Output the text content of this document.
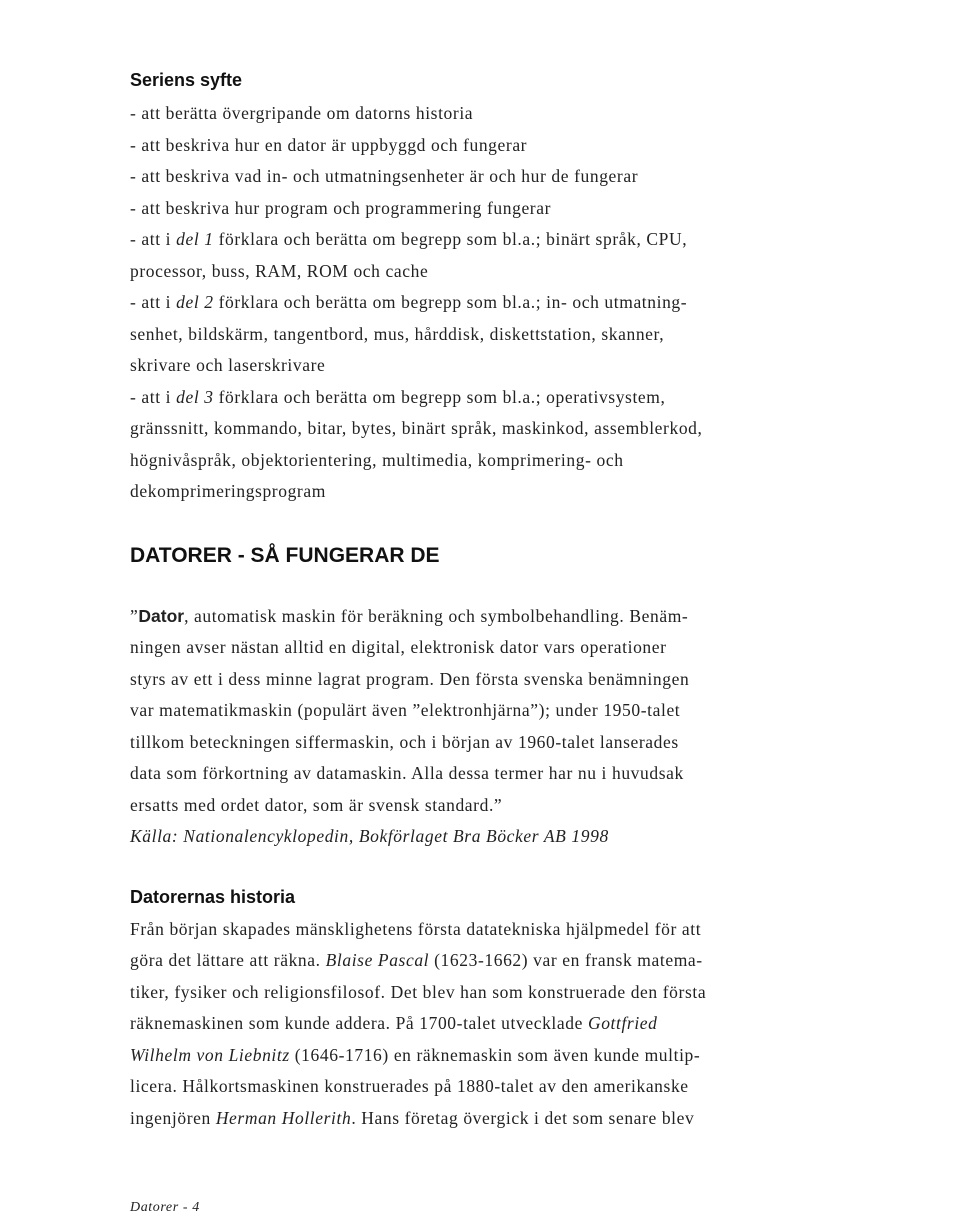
Seriens syfte

- att berätta övergripande om datorns historia

- att beskriva hur en dator är uppbyggd och fungerar

- att beskriva vad in- och utmatningsenheter är och hur de fungerar

- att beskriva hur program och programmering fungerar

- att i del 1 förklara och berätta om begrepp som bl.a.; binärt språk, CPU,

processor, buss, RAM, ROM och cache

- att i del 2 förklara och berätta om begrepp som bl.a.; in- och utmatning-

senhet, bildskärm, tangentbord, mus, hårddisk, diskettstation, skanner,

skrivare och laserskrivare

- att i del 3 förklara och berätta om begrepp som bl.a.; operativsystem,

gränssnitt, kommando, bitar, bytes, binärt språk, maskinkod, assemblerkod,

högnivåspråk, objektorientering, multimedia, komprimering- och

dekomprimeringsprogram

DATORER - SÅ FUNGERAR DE

”Dator, automatisk maskin för beräkning och symbolbehandling. Benäm-

ningen avser nästan alltid en digital, elektronisk dator vars operationer

styrs av ett i dess minne lagrat program. Den första svenska benämningen

var matematikmaskin (populärt även ”elektronhjärna”); under 1950-talet

tillkom beteckningen siffermaskin, och i början av 1960-talet lanserades

data som förkortning av datamaskin. Alla dessa termer har nu i huvudsak

ersatts med ordet dator, som är svensk standard.”

Källa: Nationalencyklopedin, Bokförlaget Bra Böcker AB 1998

Datorernas historia

Från början skapades mänsklighetens första datatekniska hjälpmedel för att

göra det lättare att räkna. Blaise Pascal (1623-1662) var en fransk matema-

tiker, fysiker och religionsfilosof. Det blev han som konstruerade den första

räknemaskinen som kunde addera. På 1700-talet utvecklade Gottfried

Wilhelm von Liebnitz (1646-1716) en räknemaskin som även kunde multip-

licera. Hålkortsmaskinen konstruerades på 1880-talet av den amerikanske

ingenjören Herman Hollerith. Hans företag övergick i det som senare blev

Datorer - 4
